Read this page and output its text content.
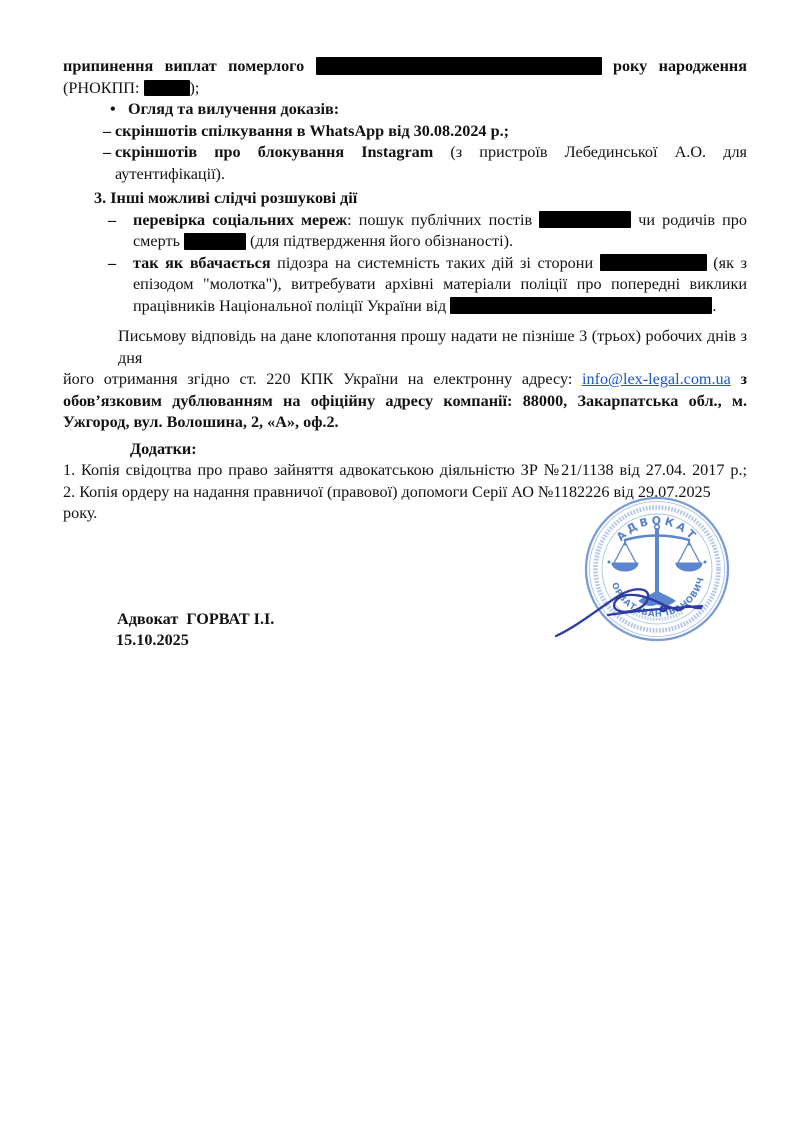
припинення виплат померлого	року народження
(РНОКПП:	);
• Огляд та вилучення доказів:
– скріншотів спілкування в WhatsApp від 30.08.2024 р.;
– скріншотів про блокування Instagram (з пристроїв Лебединської А.О. для
аутентифікації).
3. Інші можливі слідчі розшукові дії
– перевірка соціальних мереж: пошук публічних постів	чи родичів про
смерть	(для підтвердження його обізнаності).
– так як вбачається підозра на системність таких дій зі сторони	(як з
епізодом "молотка"), витребувати архівні матеріали поліції про попередні виклики
працівників Національної поліції України від	.
Письмову відповідь на дане клопотання прошу надати не пізніше 3 (трьох) робочих днів з дня
його отримання згідно ст. 220 КПК України на електронну адресу: info@lex-legal.com.ua з
обов’язковим дублюванням на офіційну адресу компанії: 88000, Закарпатська обл., м.
Ужгород, вул. Волошина, 2, «А», оф.2.
Додатки:
1. Копія свідоцтва про право зайняття адвокатською діяльністю ЗР №21/1138 від 27.04. 2017 р.;
2. Копія ордеру на надання правничої (правової) допомоги Серії АО №1182226 від 29.07.2025 року.
Адвокат  ГОРВАТ І.І.
15.10.2025
АДВОКАТ
ГОРВАТ ІВАН ІВАНОВИЧ
